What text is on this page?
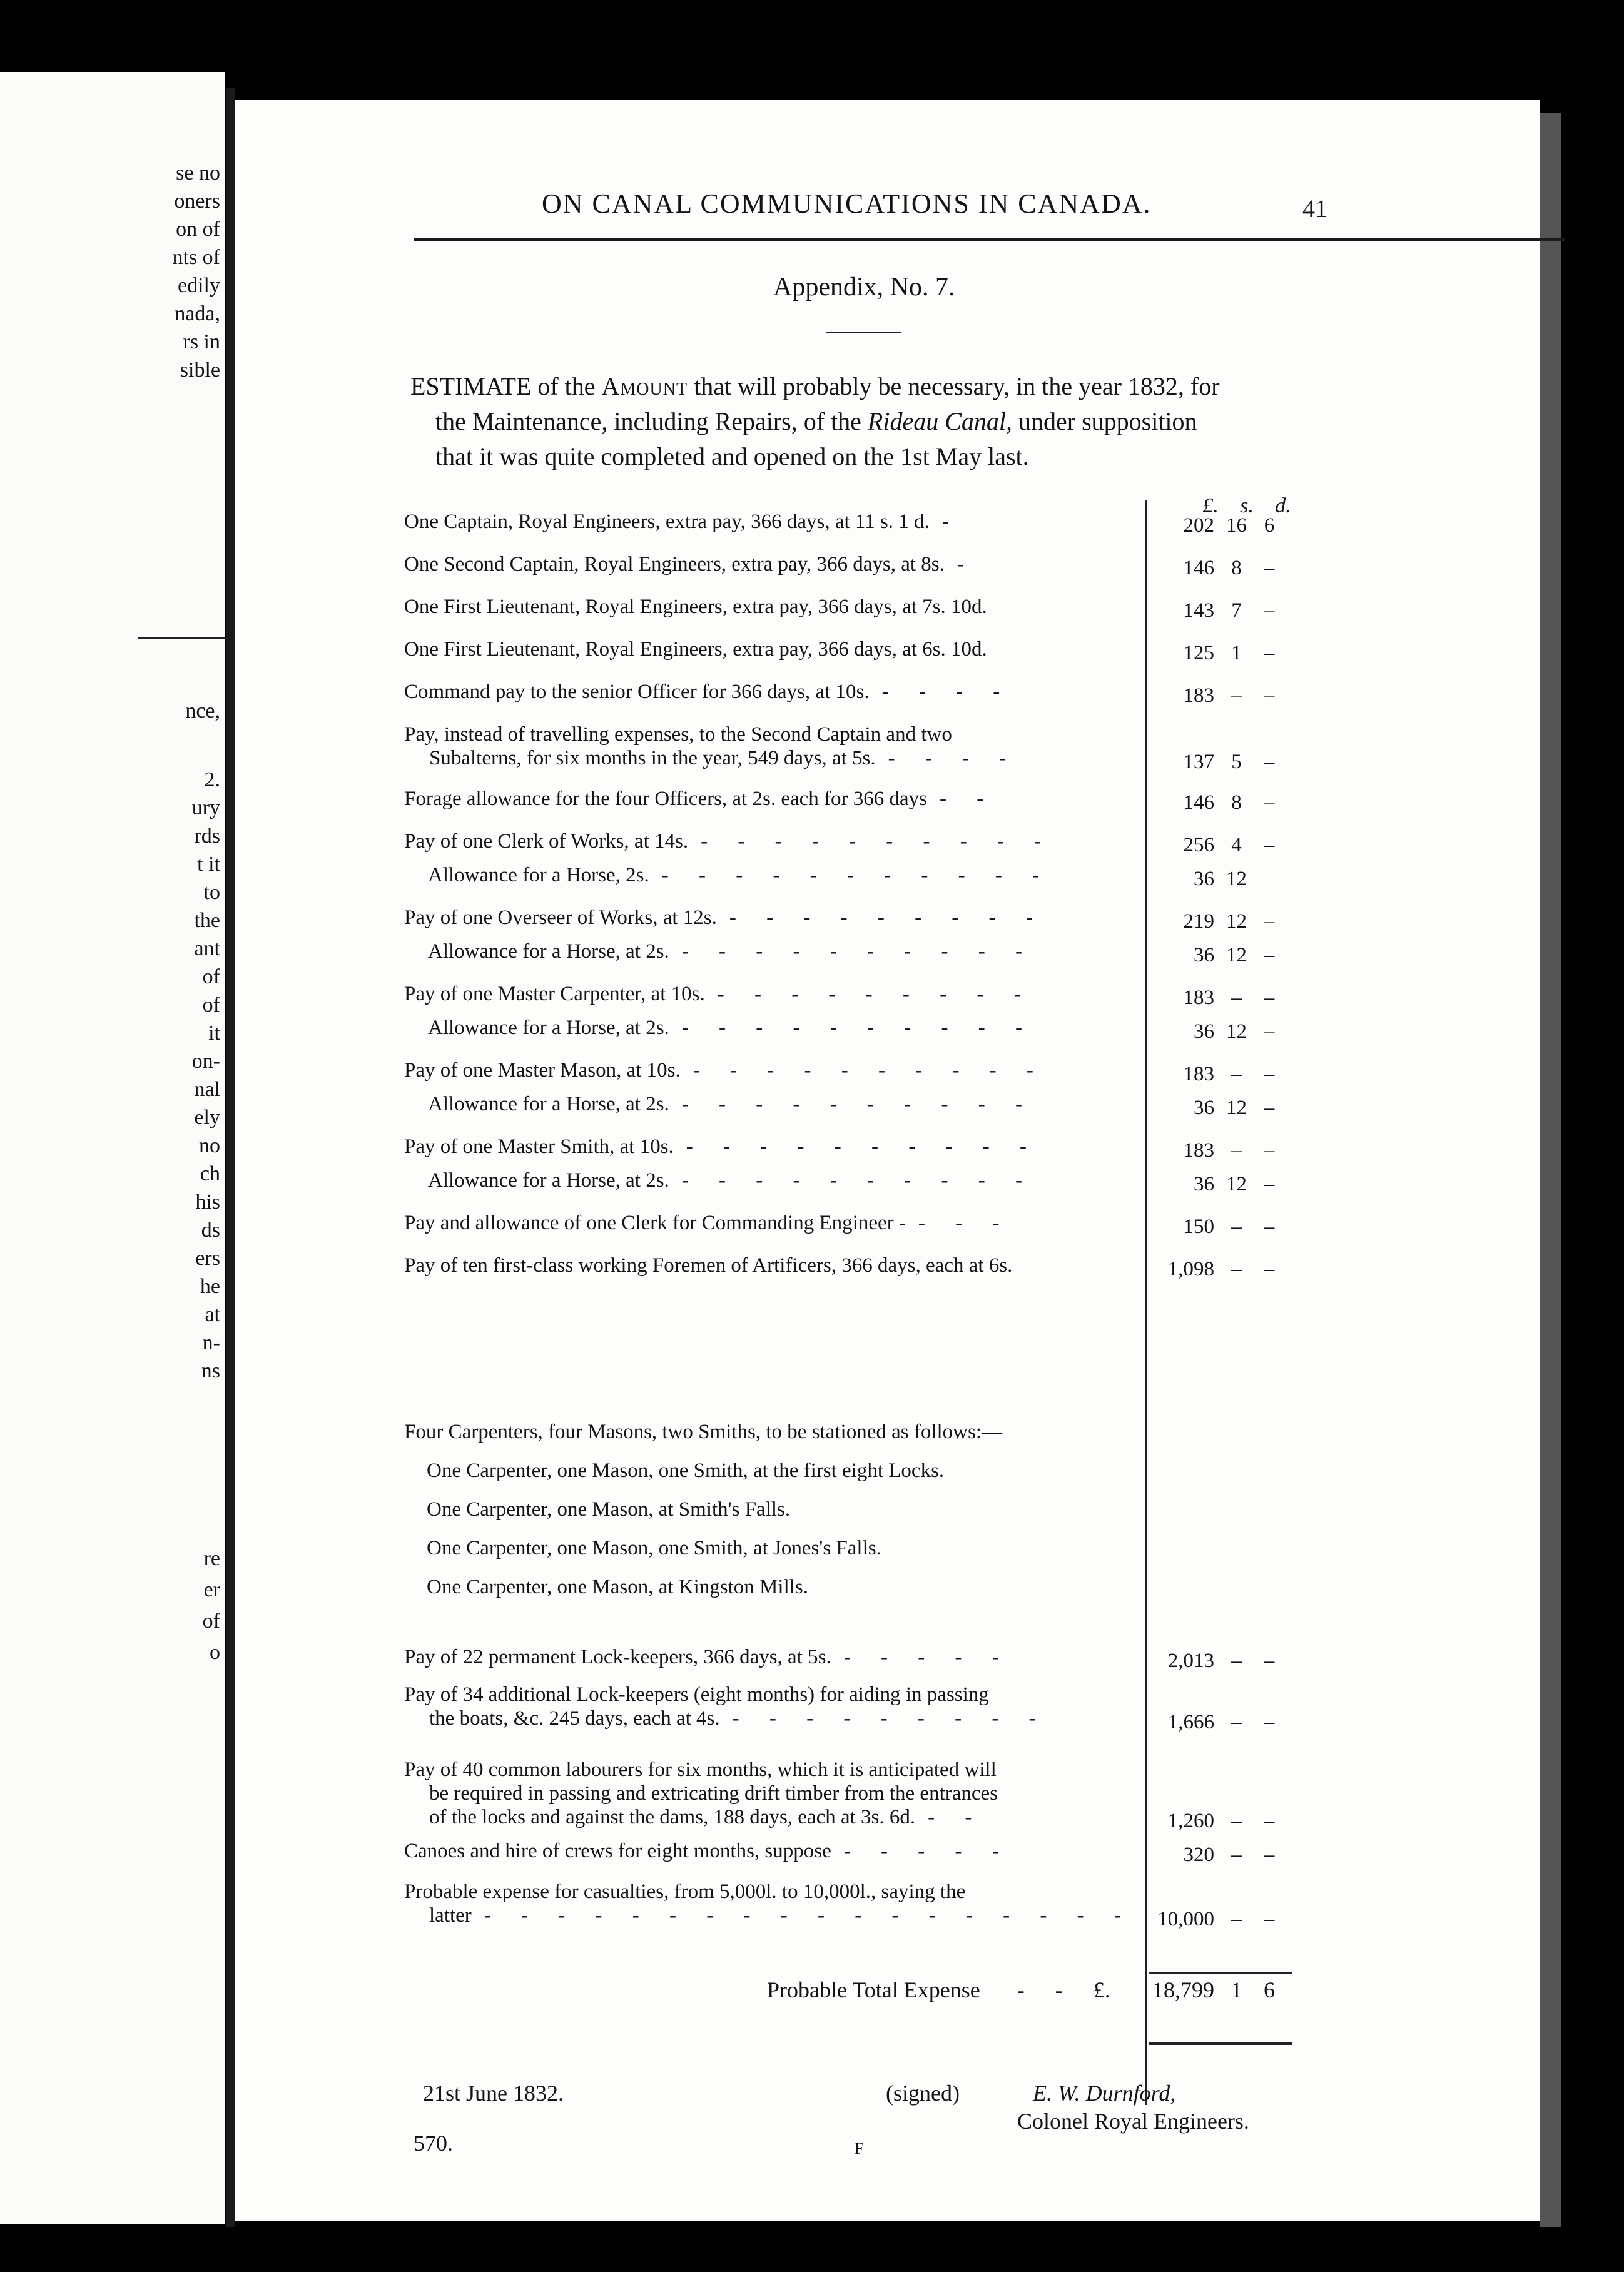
se no
oners
on of
nts of
edily
nada,
rs in
sible
nce,
2.
ury
rds
t it
to
the
ant
of
of
it
on-
nal
ely
no
ch
his
ds
ers
he
at
n-
ns
re
er
of
o
ON CANAL COMMUNICATIONS IN CANADA.	41
Appendix, No. 7.

ESTIMATE of the Amount that will probably be necessary, in the year 1832, for

the Maintenance, including Repairs, of the Rideau Canal, under supposition

that it was quite completed and opened on the 1st May last.

£. s. d.
One Captain, Royal Engineers, extra pay, 366 days, at 11 s. 1 d. -	202 16 6
One Second Captain, Royal Engineers, extra pay, 366 days, at 8s. -	146 8 –
One First Lieutenant, Royal Engineers, extra pay, 366 days, at 7s. 10d.	143 7 –
One First Lieutenant, Royal Engineers, extra pay, 366 days, at 6s. 10d.	125 1 –
Command pay to the senior Officer for 366 days, at 10s. - - - -	183 – –
Pay, instead of travelling expenses, to the Second Captain and two
Subalterns, for six months in the year, 549 days, at 5s. - - - -	137 5 –
Forage allowance for the four Officers, at 2s. each for 366 days - -	146 8 –
Pay of one Clerk of Works, at 14s. - - - - - - - - - -	256 4 –
Allowance for a Horse, 2s. - - - - - - - - - - -	36 12
Pay of one Overseer of Works, at 12s. - - - - - - - - -	219 12 –
Allowance for a Horse, at 2s. - - - - - - - - - -	36 12 –
Pay of one Master Carpenter, at 10s. - - - - - - - - -	183 – –
Allowance for a Horse, at 2s. - - - - - - - - - -	36 12 –
Pay of one Master Mason, at 10s. - - - - - - - - - -	183 – –
Allowance for a Horse, at 2s. - - - - - - - - - -	36 12 –
Pay of one Master Smith, at 10s. - - - - - - - - - -	183 – –
Allowance for a Horse, at 2s. - - - - - - - - - -	36 12 –
Pay and allowance of one Clerk for Commanding Engineer - - - -	150 – –
Pay of ten first-class working Foremen of Artificers, 366 days, each at 6s.	1,098 – –
Four Carpenters, four Masons, two Smiths, to be stationed as follows:—
One Carpenter, one Mason, one Smith, at the first eight Locks.
One Carpenter, one Mason, at Smith's Falls.
One Carpenter, one Mason, one Smith, at Jones's Falls.
One Carpenter, one Mason, at Kingston Mills.
Pay of 22 permanent Lock-keepers, 366 days, at 5s. - - - - -	2,013 – –
Pay of 34 additional Lock-keepers (eight months) for aiding in passing
the boats, &c. 245 days, each at 4s. - - - - - - - - -	1,666 – –
Pay of 40 common labourers for six months, which it is anticipated will
be required in passing and extricating drift timber from the entrances
of the locks and against the dams, 188 days, each at 3s. 6d. - -	1,260 – –
Canoes and hire of crews for eight months, suppose - - - - -	320 – –
Probable expense for casualties, from 5,000l. to 10,000l., saying the
latter - - - - - - - - - - - - - - - - - -	10,000 – –
Probable Total Expense - - £. 18,799 1 6
21st June 1832.	(signed)	E. W. Durnford,
Colonel Royal Engineers.
570.	F
